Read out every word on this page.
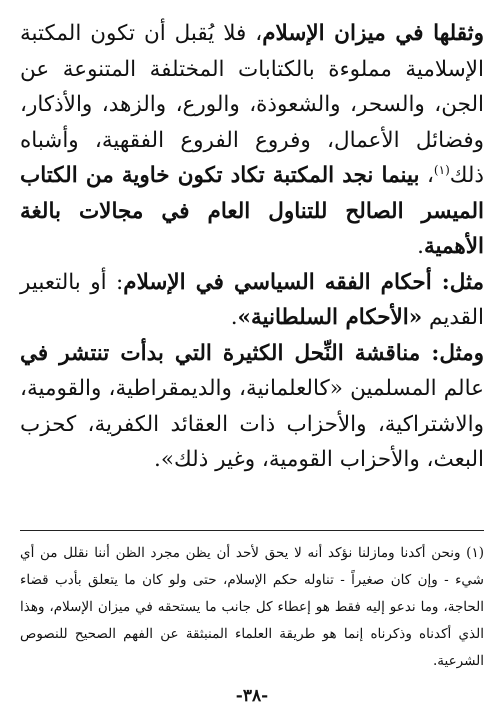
وثقلها في ميزان الإسلام، فلا يُقبل أن تكون المكتبة الإسلامية مملوءة بالكتابات المختلفة المتنوعة عن الجن، والسحر، والشعوذة، والورع، والزهد، والأذكار، وفضائل الأعمال، وفروع الفروع الفقهية، وأشباه ذلك$^{(١)}$، بينما نجد المكتبة تكاد تكون خاوية من الكتاب الميسر الصالح للتناول العام في مجالات بالغة الأهمية.

مثل: أحكام الفقه السياسي في الإسلام: أو بالتعبير القديم «الأحكام السلطانية».

ومثل: مناقشة النِّحل الكثيرة التي بدأت تنتشر في عالم المسلمين «كالعلمانية، والديمقراطية، والقومية، والاشتراكية، والأحزاب ذات العقائد الكفرية، كحزب البعث، والأحزاب القومية، وغير ذلك».

(١) ونحن أكدنا ومازلنا نؤكد أنه لا يحق لأحد أن يظن مجرد الظن أننا نقلل من أي شيء - وإن كان صغيراً - تناوله حكم الإسلام، حتى ولو كان ما يتعلق بأدب قضاء الحاجة، وما ندعو إليه فقط هو إعطاء كل جانب ما يستحقه في ميزان الإسلام، وهذا الذي أكدناه وذكرناه إنما هو طريقة العلماء المنبثقة عن الفهم الصحيح للنصوص الشرعية.

-٣٨-
